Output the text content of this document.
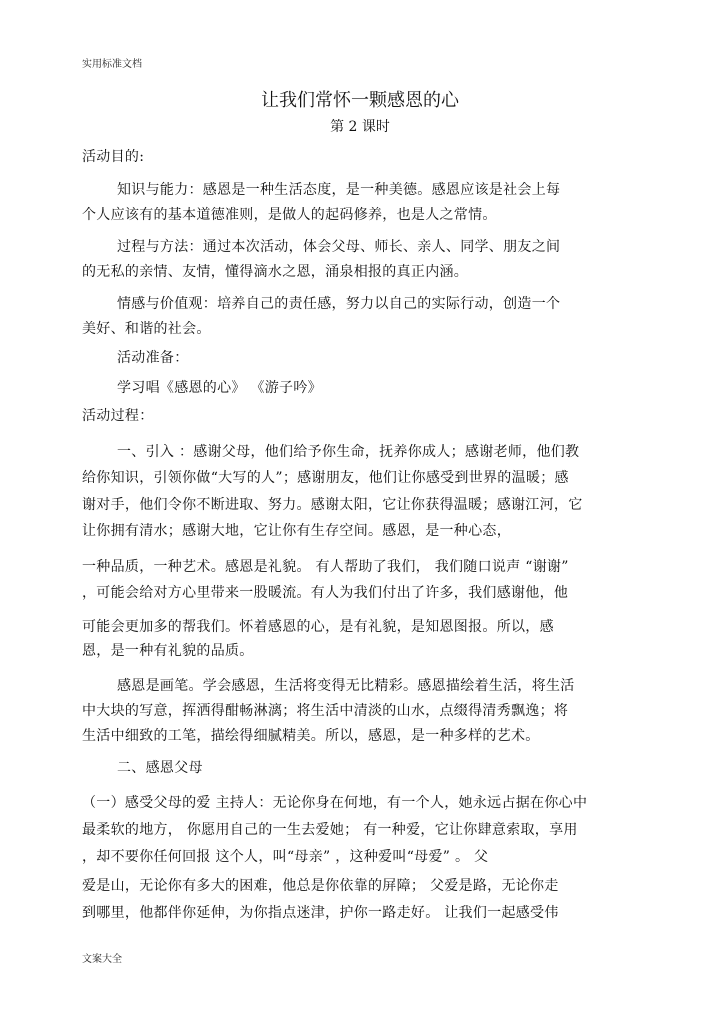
实用标准文档
让我们常怀一颗感恩的心
第 2 课时
活动目的:
知识与能力：感恩是一种生活态度，是一种美德。感恩应该是社会上每
个人应该有的基本道德准则，是做人的起码修养，也是人之常情。
过程与方法：通过本次活动，体会父母、师长、亲人、同学、朋友之间
的无私的亲情、友情，懂得滴水之恩，涌泉相报的真正内涵。
情感与价值观：培养自己的责任感，努力以自己的实际行动，创造一个
美好、和谐的社会。
活动准备：
学习唱《感恩的心》 《游子吟》
活动过程：
一、引入 ：感谢父母，他们给予你生命，抚养你成人；感谢老师，他们教
给你知识，引领你做“大写的人”；感谢朋友，他们让你感受到世界的温暖；感
谢对手，他们令你不断进取、努力。感谢太阳，它让你获得温暖；感谢江河，它
让你拥有清水；感谢大地，它让你有生存空间。感恩，是一种心态，
一种品质，一种艺术。感恩是礼貌。 有人帮助了我们， 我们随口说声 “谢谢”
，可能会给对方心里带来一股暖流。有人为我们付出了许多，我们感谢他，他
可能会更加多的帮我们。怀着感恩的心，是有礼貌，是知恩图报。所以，感
恩，是一种有礼貌的品质。
感恩是画笔。学会感恩，生活将变得无比精彩。感恩描绘着生活，将生活
中大块的写意，挥洒得酣畅淋漓；将生活中清淡的山水，点缀得清秀飘逸；将
生活中细致的工笔，描绘得细腻精美。所以，感恩，是一种多样的艺术。
二、感恩父母
（一）感受父母的爱 主持人：无论你身在何地，有一个人，她永远占据在你心中
最柔软的地方， 你愿用自己的一生去爱她； 有一种爱，它让你肆意索取，享用
，却不要你任何回报 这个人，叫“母亲” ，这种爱叫“母爱” 。 父
爱是山，无论你有多大的困难，他总是你依靠的屏障； 父爱是路，无论你走
到哪里，他都伴你延伸，为你指点迷津，护你一路走好。 让我们一起感受伟
文案大全
